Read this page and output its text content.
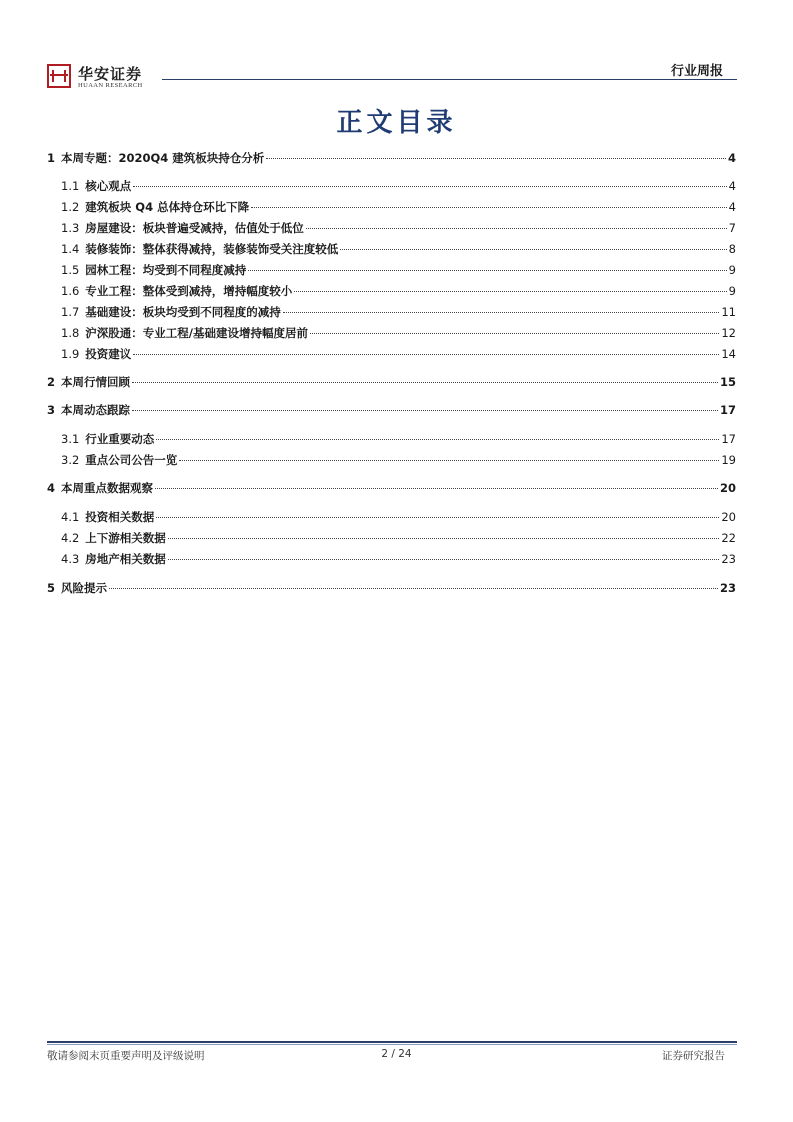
华安证券
HUAAN RESEARCH
行业周报
正文目录
1 本周专题：2020Q4 建筑板块持仓分析	4
1.1 核心观点	4
1.2 建筑板块 Q4 总体持仓环比下降	4
1.3 房屋建设：板块普遍受减持，估值处于低位	7
1.4 装修装饰：整体获得减持，装修装饰受关注度较低	8
1.5 园林工程：均受到不同程度减持	9
1.6 专业工程：整体受到减持，增持幅度较小	9
1.7 基础建设：板块均受到不同程度的减持	11
1.8 沪深股通：专业工程/基础建设增持幅度居前	12
1.9 投资建议	14
2 本周行情回顾	15
3 本周动态跟踪	17
3.1 行业重要动态	17
3.2 重点公司公告一览	19
4 本周重点数据观察	20
4.1 投资相关数据	20
4.2 上下游相关数据	22
4.3 房地产相关数据	23
5 风险提示	23
敬请参阅末页重要声明及评级说明	2 / 24	证券研究报告
